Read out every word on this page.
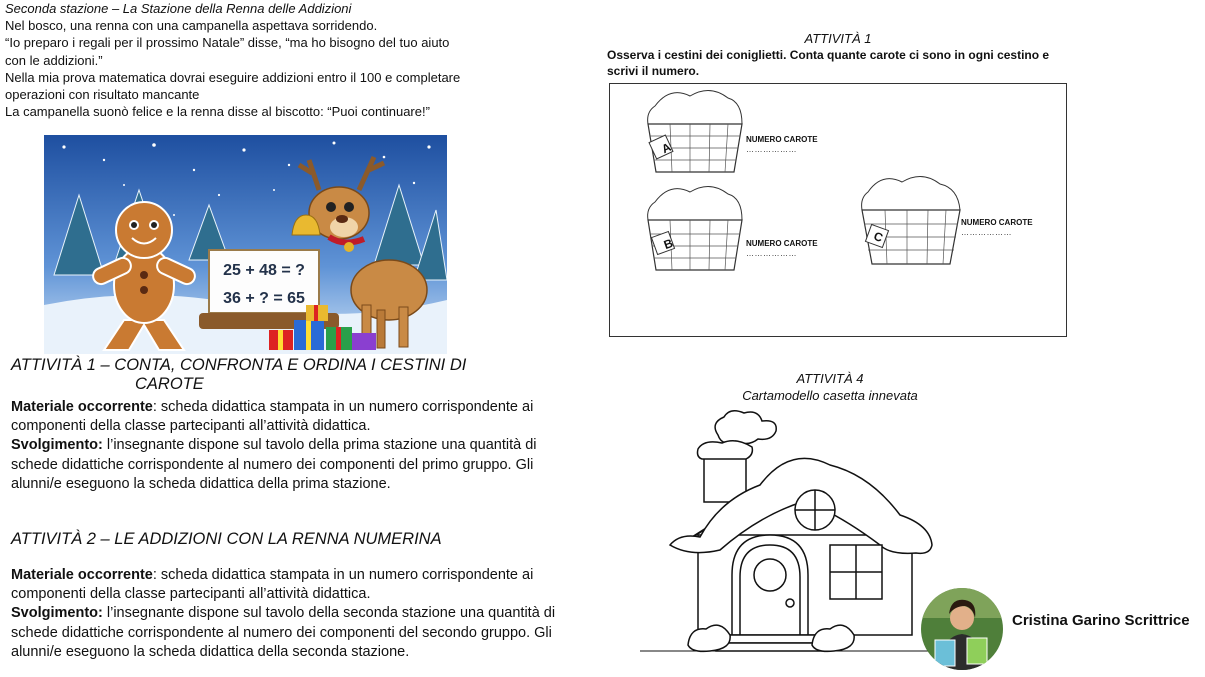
Seconda stazione – La Stazione della Renna delle Addizioni
Nel bosco, una renna con una campanella aspettava sorridendo.
“Io preparo i regali per il prossimo Natale” disse, “ma ho bisogno del tuo aiuto
con le addizioni.”
Nella mia prova matematica dovrai eseguire addizioni entro il 100 e completare
operazioni con risultato mancante
La campanella suonò felice e la renna disse al biscotto: “Puoi continuare!”
25 + 48 = ?
36 + ? = 65
ATTIVITÀ 1 – CONTA, CONFRONTA E ORDINA I CESTINI DI
CAROTE
Materiale occorrente: scheda didattica stampata in un numero corrispondente ai componenti della classe partecipanti all’attività didattica.
Svolgimento: l’insegnante dispone sul tavolo della prima stazione una quantità di schede didattiche corrispondente al numero dei componenti del primo gruppo. Gli alunni/e eseguono la scheda didattica della prima stazione.
ATTIVITÀ 2 – LE ADDIZIONI CON LA RENNA NUMERINA
Materiale occorrente: scheda didattica stampata in un numero corrispondente ai componenti della classe partecipanti all’attività didattica.
Svolgimento: l’insegnante dispone sul tavolo della seconda stazione una quantità di schede didattiche corrispondente al numero dei componenti del secondo gruppo. Gli alunni/e eseguono la scheda didattica della seconda stazione.
ATTIVITÀ 1
Osserva i cestini dei coniglietti. Conta quante carote ci sono in ogni cestino e scrivi il numero.
A
B	C
NUMERO CAROTE
………………
NUMERO CAROTE
………………
NUMERO CAROTE
………………
ATTIVITÀ 4
Cartamodello casetta innevata
Cristina Garino Scrittrice
